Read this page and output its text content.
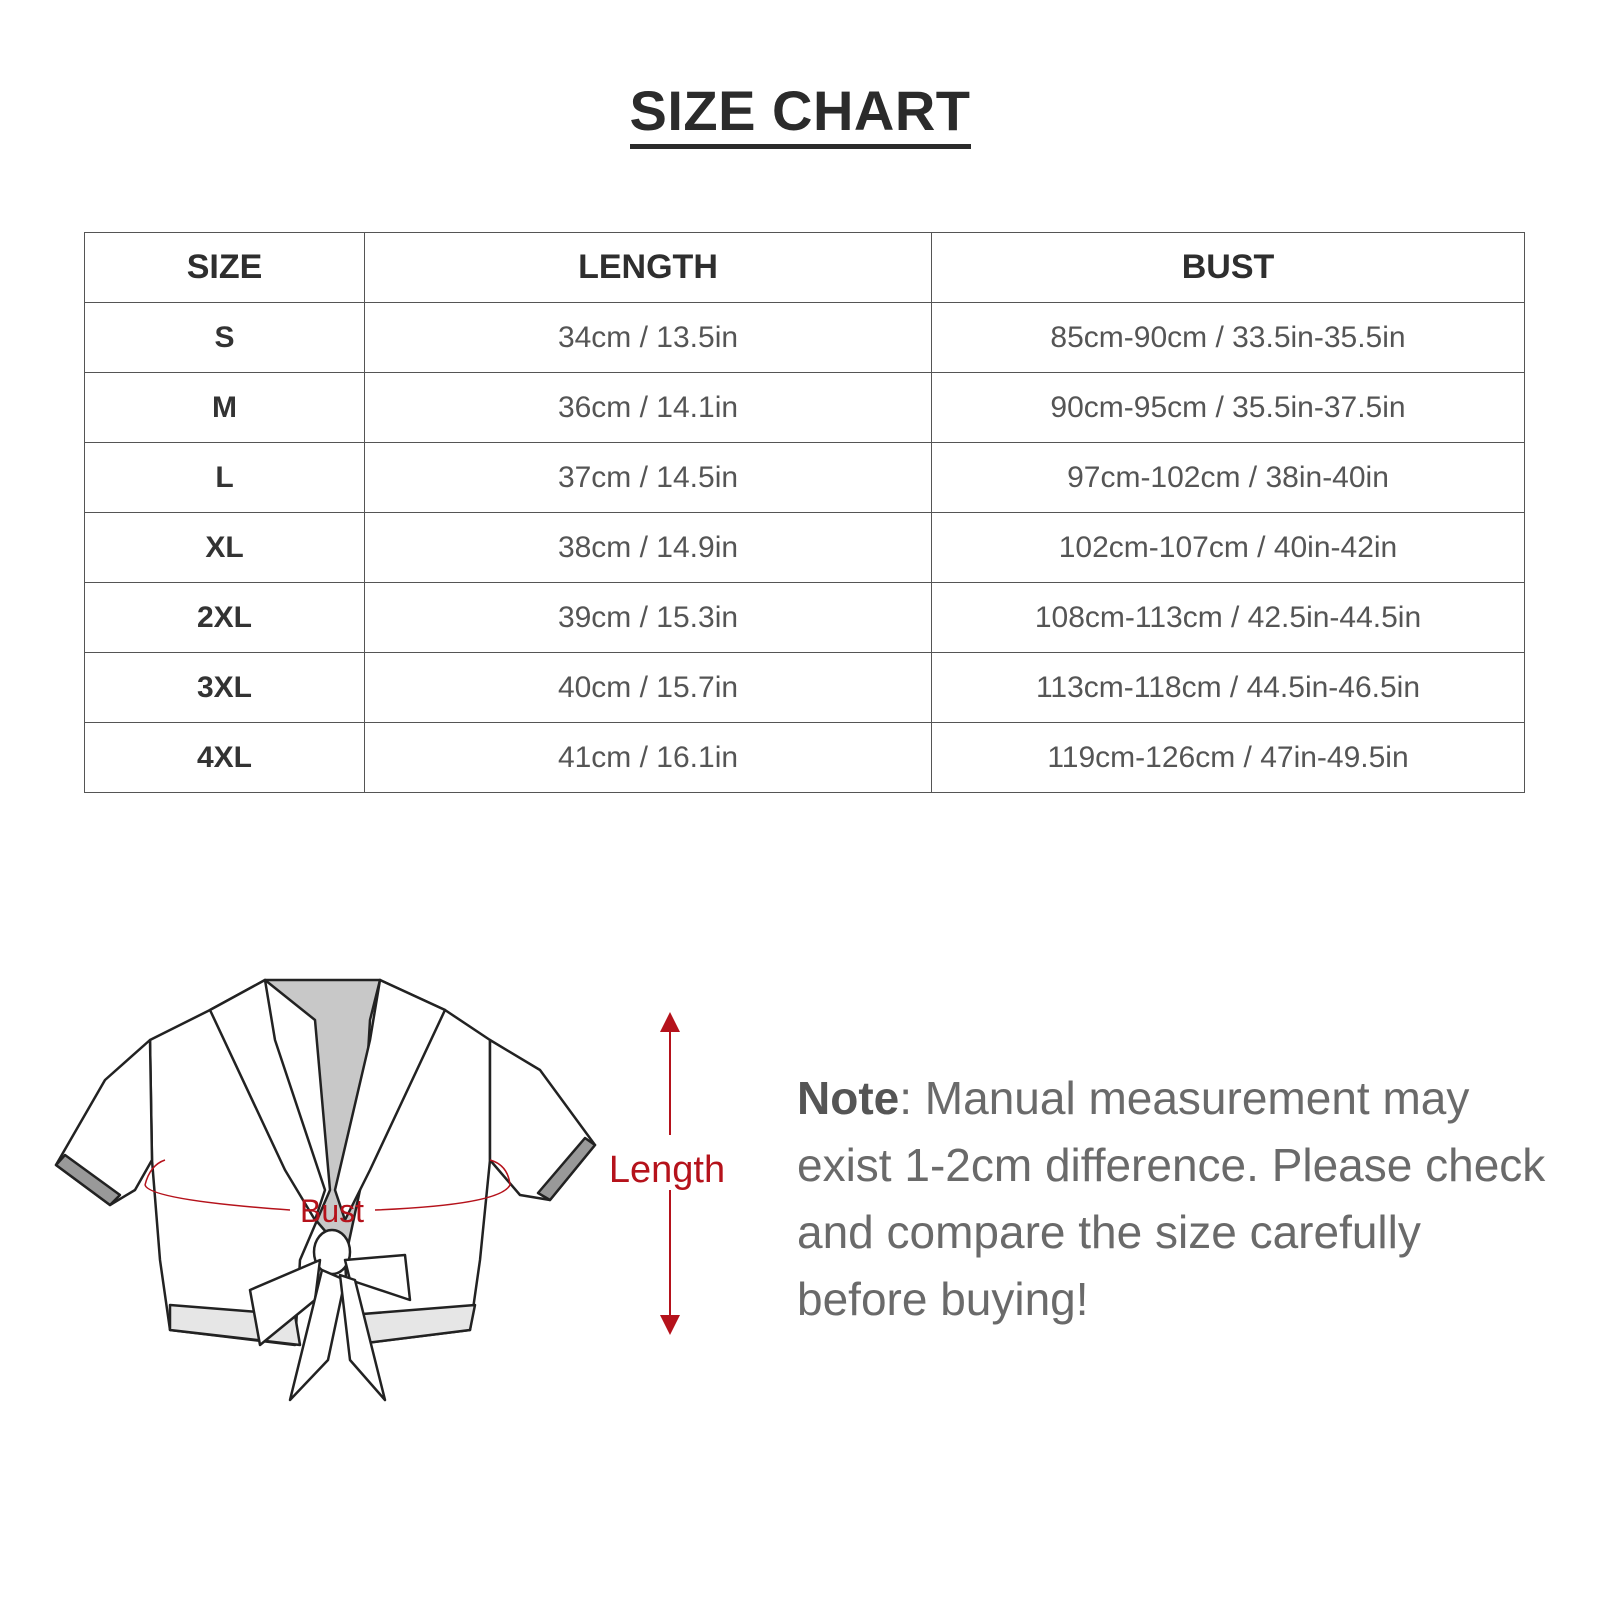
SIZE CHART
SIZE	LENGTH	BUST
S	34cm / 13.5in	85cm-90cm / 33.5in-35.5in
M	36cm / 14.1in	90cm-95cm / 35.5in-37.5in
L	37cm / 14.5in	97cm-102cm / 38in-40in
XL	38cm / 14.9in	102cm-107cm / 40in-42in
2XL	39cm / 15.3in	108cm-113cm / 42.5in-44.5in
3XL	40cm / 15.7in	113cm-118cm / 44.5in-46.5in
4XL	41cm / 16.1in	119cm-126cm / 47in-49.5in
Bust
Length
Note: Manual measurement may exist 1-2cm difference. Please check and compare the size carefully before buying!
